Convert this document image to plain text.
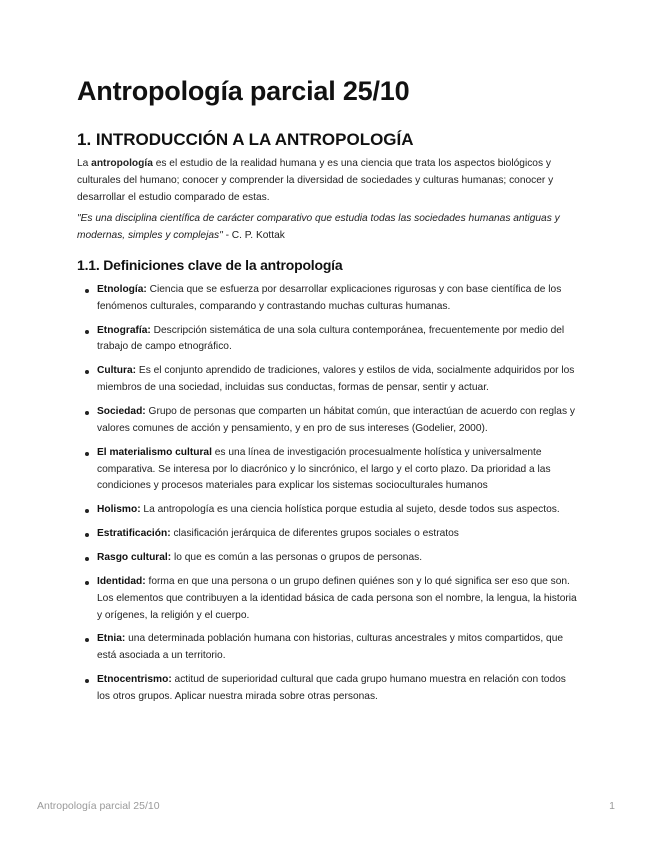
Antropología parcial 25/10
1. INTRODUCCIÓN A LA ANTROPOLOGÍA

La antropología es el estudio de la realidad humana y es una ciencia que trata los aspectos biológicos y culturales del humano; conocer y comprender la diversidad de sociedades y culturas humanas; conocer y desarrollar el estudio comparado de estas.

"Es una disciplina científica de carácter comparativo que estudia todas las sociedades humanas antiguas y modernas, simples y complejas" - C. P. Kottak

1.1. Definiciones clave de la antropología
Etnología: Ciencia que se esfuerza por desarrollar explicaciones rigurosas y con base científica de los fenómenos culturales, comparando y contrastando muchas culturas humanas.
Etnografía: Descripción sistemática de una sola cultura contemporánea, frecuentemente por medio del trabajo de campo etnográfico.
Cultura: Es el conjunto aprendido de tradiciones, valores y estilos de vida, socialmente adquiridos por los miembros de una sociedad, incluidas sus conductas, formas de pensar, sentir y actuar.
Sociedad: Grupo de personas que comparten un hábitat común, que interactúan de acuerdo con reglas y valores comunes de acción y pensamiento, y en pro de sus intereses (Godelier, 2000).
El materialismo cultural es una línea de investigación procesualmente holística y universalmente comparativa. Se interesa por lo diacrónico y lo sincrónico, el largo y el corto plazo. Da prioridad a las condiciones y procesos materiales para explicar los sistemas socioculturales humanos
Holismo: La antropología es una ciencia holística porque estudia al sujeto, desde todos sus aspectos.
Estratificación: clasificación jerárquica de diferentes grupos sociales o estratos
Rasgo cultural: lo que es común a las personas o grupos de personas.
Identidad: forma en que una persona o un grupo definen quiénes son y lo qué significa ser eso que son. Los elementos que contribuyen a la identidad básica de cada persona son el nombre, la lengua, la historia y orígenes, la religión y el cuerpo.
Etnia: una determinada población humana con historias, culturas ancestrales y mitos compartidos, que está asociada a un territorio.
Etnocentrismo: actitud de superioridad cultural que cada grupo humano muestra en relación con todos los otros grupos. Aplicar nuestra mirada sobre otras personas.
Antropología parcial 25/10	1
